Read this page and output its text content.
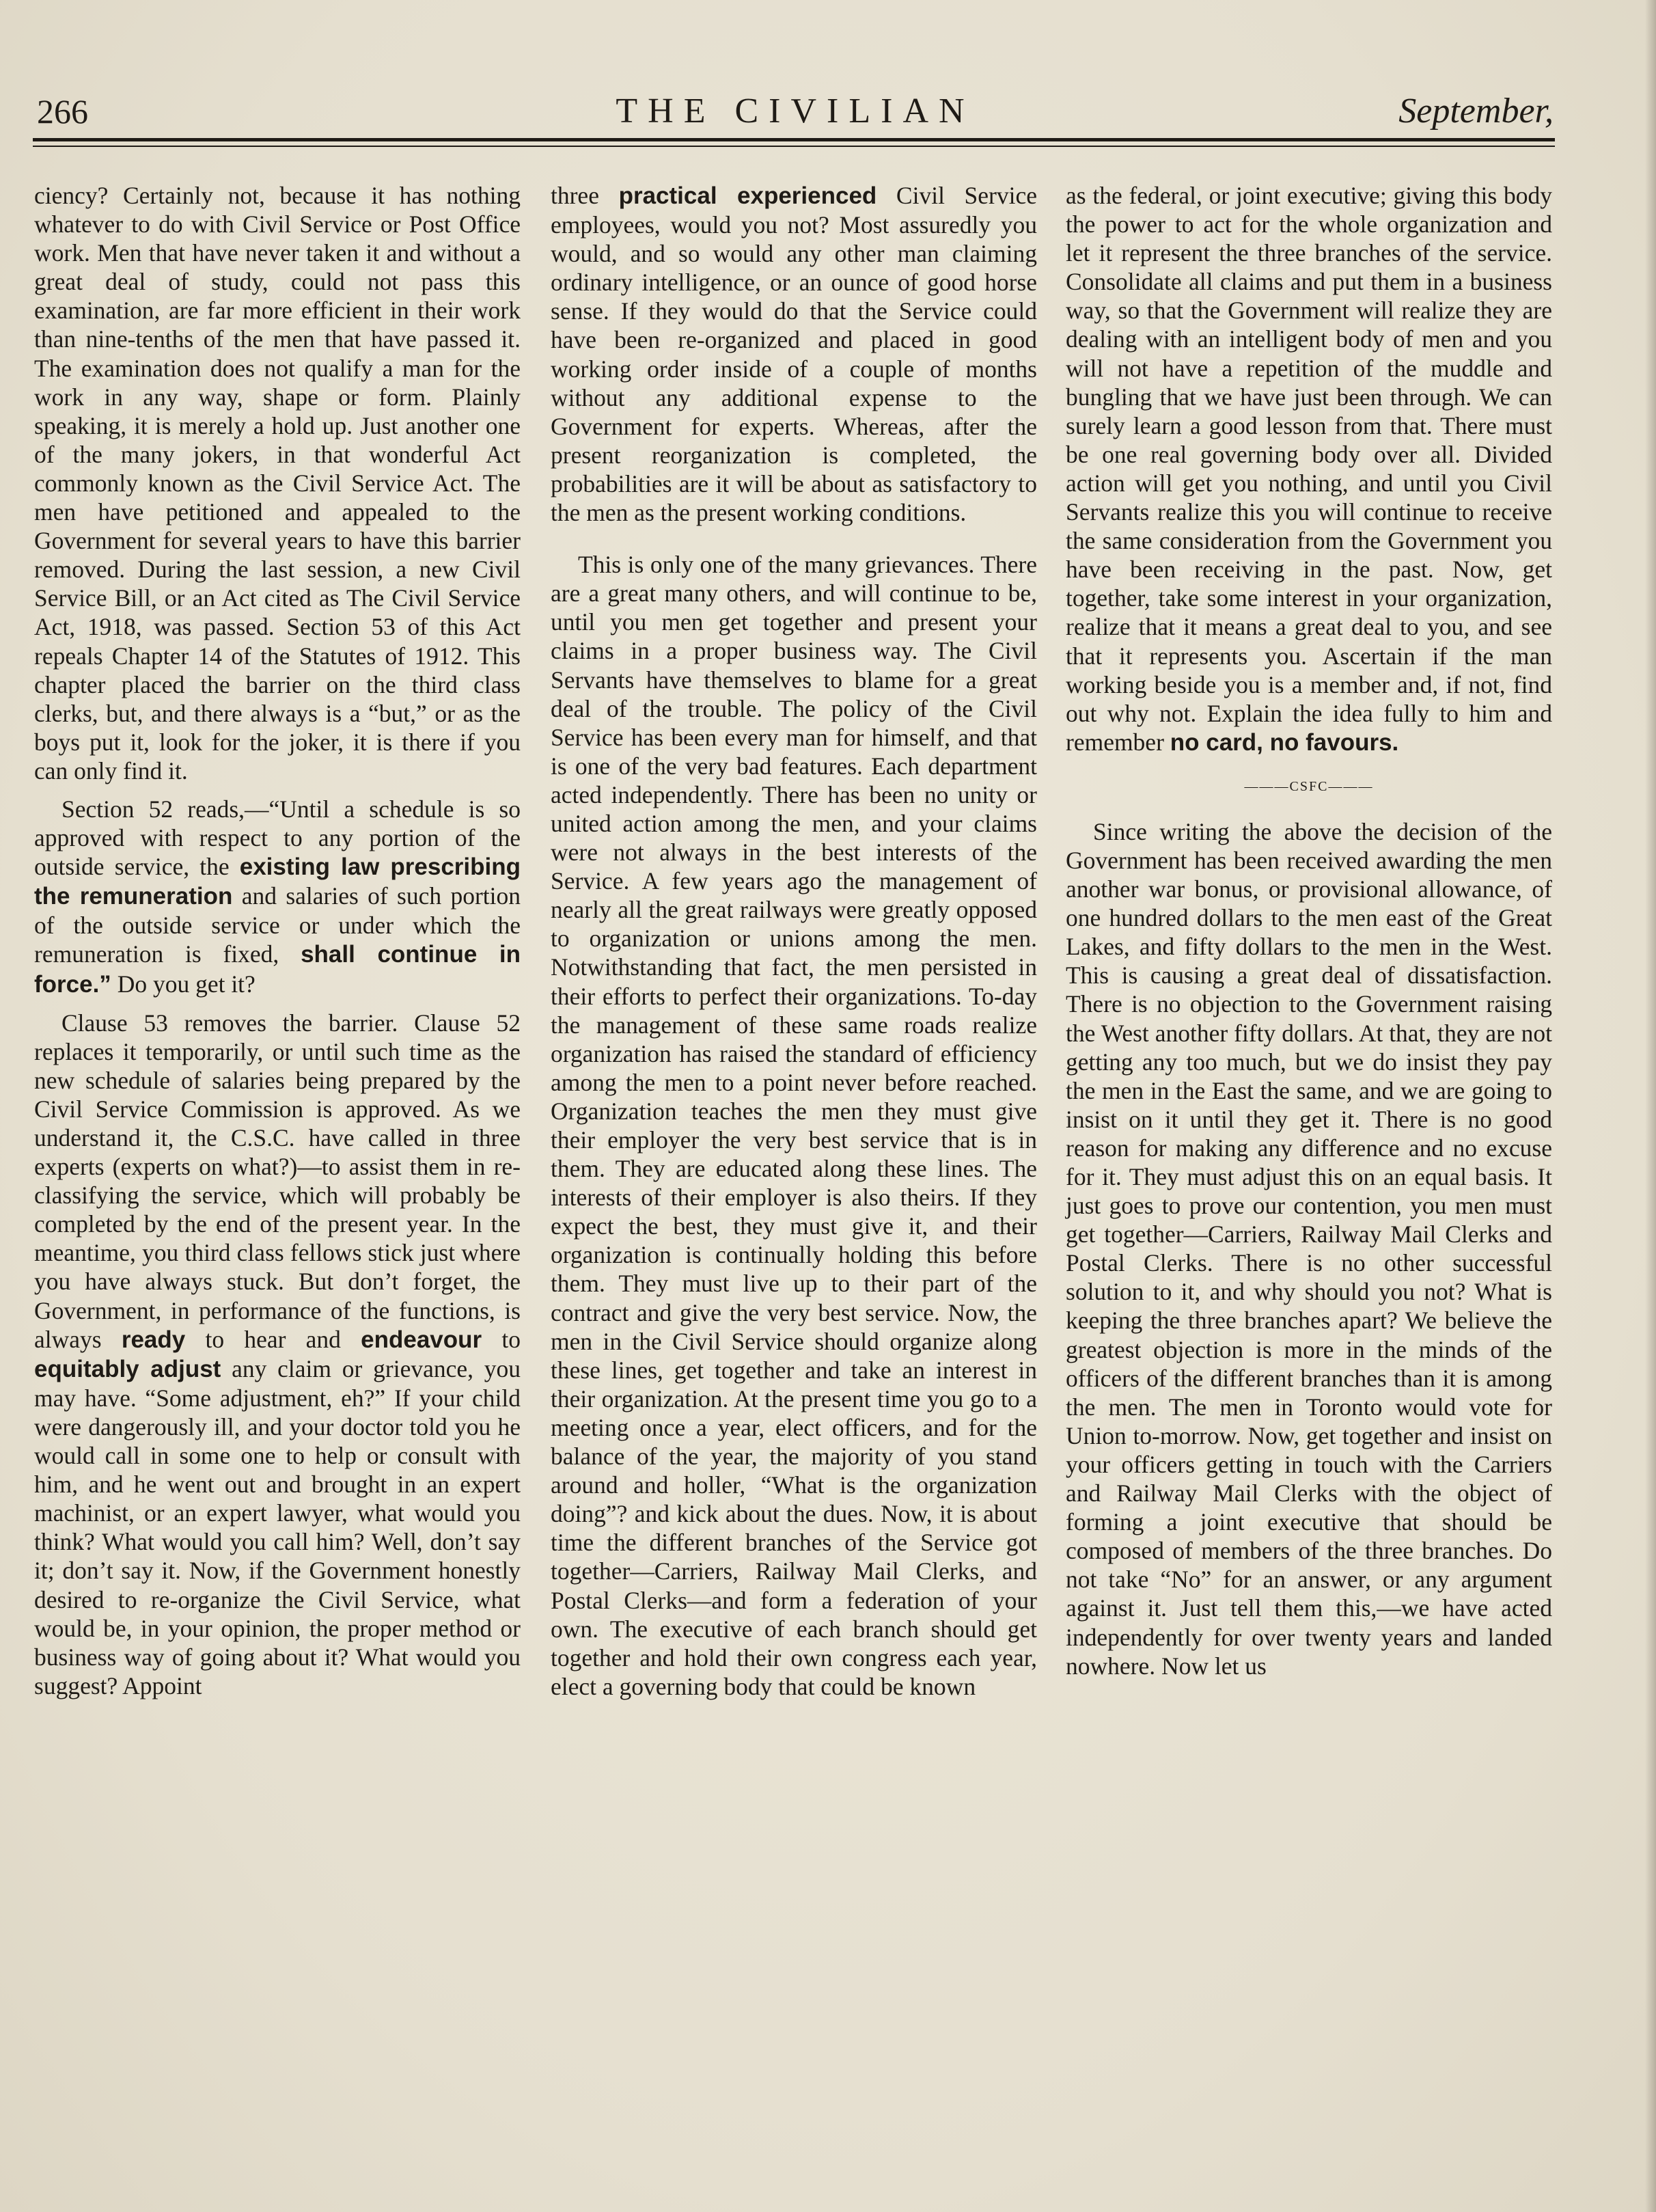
266	THE CIVILIAN	September,

ciency? Certainly not, because it has nothing whatever to do with Civil Service or Post Office work. Men that have never taken it and without a great deal of study, could not pass this examination, are far more efficient in their work than nine-tenths of the men that have passed it. The examination does not qualify a man for the work in any way, shape or form. Plainly speaking, it is merely a hold up. Just another one of the many jokers, in that wonderful Act commonly known as the Civil Service Act. The men have petitioned and appealed to the Government for several years to have this barrier removed. During the last session, a new Civil Service Bill, or an Act cited as The Civil Service Act, 1918, was passed. Section 53 of this Act repeals Chapter 14 of the Statutes of 1912. This chapter placed the barrier on the third class clerks, but, and there always is a “but,” or as the boys put it, look for the joker, it is there if you can only find it.

Section 52 reads,—“Until a schedule is so approved with respect to any portion of the outside service, the existing law prescribing the remuneration and salaries of such portion of the outside service or under which the remuneration is fixed, shall continue in force.” Do you get it?

Clause 53 removes the barrier. Clause 52 replaces it temporarily, or until such time as the new schedule of salaries being prepared by the Civil Service Commission is approved. As we understand it, the C.S.C. have called in three experts (experts on what?)—to assist them in re-classifying the service, which will probably be completed by the end of the present year. In the meantime, you third class fellows stick just where you have always stuck. But don’t forget, the Government, in performance of the functions, is always ready to hear and endeavour to equitably adjust any claim or grievance, you may have. “Some adjustment, eh?” If your child were dangerously ill, and your doctor told you he would call in some one to help or consult with him, and he went out and brought in an expert machinist, or an expert lawyer, what would you think? What would you call him? Well, don’t say it; don’t say it. Now, if the Government honestly desired to re-organize the Civil Service, what would be, in your opinion, the proper method or business way of going about it? What would you suggest? Appoint

three practical experienced Civil Service employees, would you not? Most assuredly you would, and so would any other man claiming ordinary intelligence, or an ounce of good horse sense. If they would do that the Service could have been re-organized and placed in good working order inside of a couple of months without any additional expense to the Government for experts. Whereas, after the present reorganization is completed, the probabilities are it will be about as satisfactory to the men as the present working conditions.

This is only one of the many grievances. There are a great many others, and will continue to be, until you men get together and present your claims in a proper business way. The Civil Servants have themselves to blame for a great deal of the trouble. The policy of the Civil Service has been every man for himself, and that is one of the very bad features. Each department acted independently. There has been no unity or united action among the men, and your claims were not always in the best interests of the Service. A few years ago the management of nearly all the great railways were greatly opposed to organization or unions among the men. Notwithstanding that fact, the men persisted in their efforts to perfect their organizations. To-day the management of these same roads realize organization has raised the standard of efficiency among the men to a point never before reached. Organization teaches the men they must give their employer the very best service that is in them. They are educated along these lines. The interests of their employer is also theirs. If they expect the best, they must give it, and their organization is continually holding this before them. They must live up to their part of the contract and give the very best service. Now, the men in the Civil Service should organize along these lines, get together and take an interest in their organization. At the present time you go to a meeting once a year, elect officers, and for the balance of the year, the majority of you stand around and holler, “What is the organization doing”? and kick about the dues. Now, it is about time the different branches of the Service got together—Carriers, Railway Mail Clerks, and Postal Clerks—and form a federation of your own. The executive of each branch should get together and hold their own congress each year, elect a governing body that could be known

as the federal, or joint executive; giving this body the power to act for the whole organization and let it represent the three branches of the service. Consolidate all claims and put them in a business way, so that the Government will realize they are dealing with an intelligent body of men and you will not have a repetition of the muddle and bungling that we have just been through. We can surely learn a good lesson from that. There must be one real governing body over all. Divided action will get you nothing, and until you Civil Servants realize this you will continue to receive the same consideration from the Government you have been receiving in the past. Now, get together, take some interest in your organization, realize that it means a great deal to you, and see that it represents you. Ascertain if the man working beside you is a member and, if not, find out why not. Explain the idea fully to him and remember no card, no favours.

———CSFC———

Since writing the above the decision of the Government has been received awarding the men another war bonus, or provisional allowance, of one hundred dollars to the men east of the Great Lakes, and fifty dollars to the men in the West. This is causing a great deal of dissatisfaction. There is no objection to the Government raising the West another fifty dollars. At that, they are not getting any too much, but we do insist they pay the men in the East the same, and we are going to insist on it until they get it. There is no good reason for making any difference and no excuse for it. They must adjust this on an equal basis. It just goes to prove our contention, you men must get together—Carriers, Railway Mail Clerks and Postal Clerks. There is no other successful solution to it, and why should you not? What is keeping the three branches apart? We believe the greatest objection is more in the minds of the officers of the different branches than it is among the men. The men in Toronto would vote for Union to-morrow. Now, get together and insist on your officers getting in touch with the Carriers and Railway Mail Clerks with the object of forming a joint executive that should be composed of members of the three branches. Do not take “No” for an answer, or any argument against it. Just tell them this,—we have acted independently for over twenty years and landed nowhere. Now let us
